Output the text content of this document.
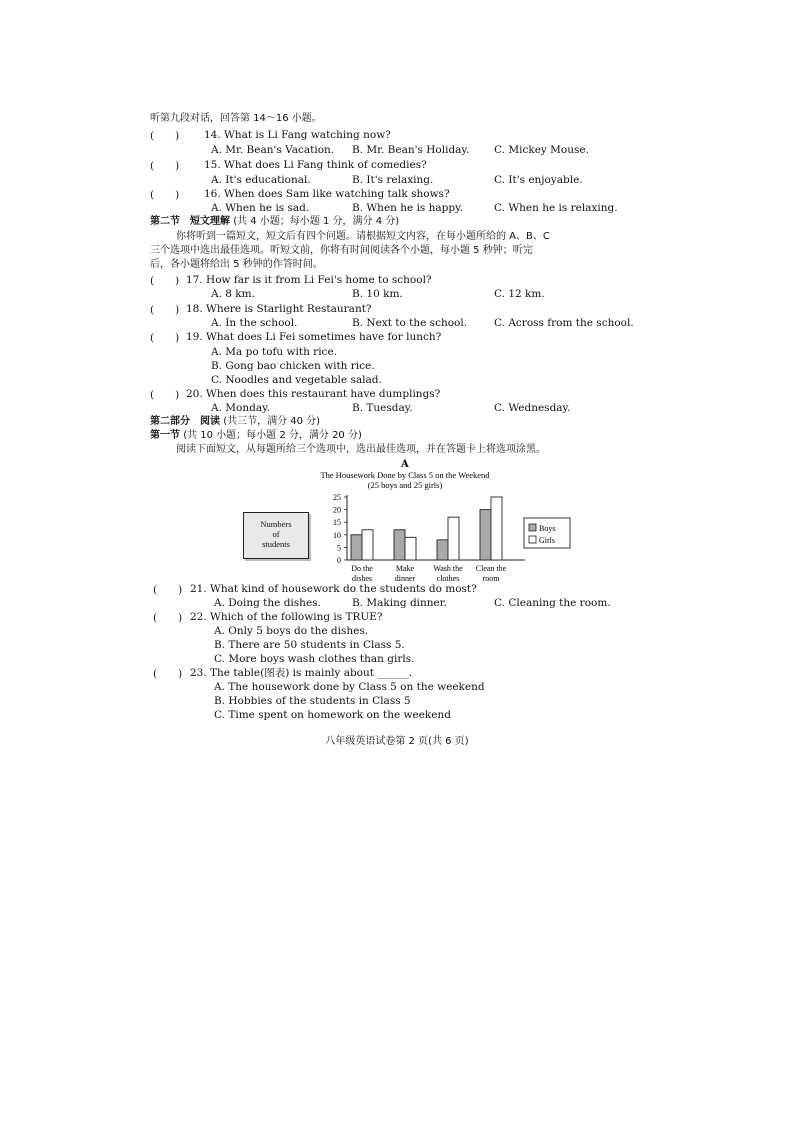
听第九段对话，回答第 14～16 小题。
(　　) 14. What is Li Fang watching now?
A. Mr. Bean's Vacation. B. Mr. Bean's Holiday. C. Mickey Mouse.
(　　) 15. What does Li Fang think of comedies?
A. It's educational.	B. It's relaxing.	C. It's enjoyable.
(　　) 16. When does Sam like watching talk shows?
A. When he is sad.	B. When he is happy.	C. When he is relaxing.
第二节　短文理解 (共 4 小题；每小题 1 分，满分 4 分)
你将听到一篇短文，短文后有四个问题。请根据短文内容，在每小题所给的 A、B、C
三个选项中选出最佳选项。听短文前，你将有时间阅读各个小题，每小题 5 秒钟；听完
后，各小题将给出 5 秒钟的作答时间。
(　　) 17. How far is it from Li Fei's home to school?
A. 8 km.	B. 10 km.	C. 12 km.
(　　) 18. Where is Starlight Restaurant?
A. In the school.	B. Next to the school.	C. Across from the school.
(　　) 19. What does Li Fei sometimes have for lunch?
A. Ma po tofu with rice.
B. Gong bao chicken with rice.
C. Noodles and vegetable salad.
(　　) 20. When does this restaurant have dumplings?
A. Monday.	B. Tuesday.	C. Wednesday.
第二部分　阅读 (共三节，满分 40 分)
第一节 (共 10 小题；每小题 2 分，满分 20 分)
阅读下面短文，从每题所给三个选项中，选出最佳选项，并在答题卡上将选项涂黑。
A
Numbers
of
students
The Housework Done by Class 5 on the Weekend
(25 boys and 25 girls)
0
5
10
15
20
25
Do the
dishes
Make
dinner
Wash the
clothes
Clean the
room
Boys
Girls
(　　) 21. What kind of housework do the students do most?
A. Doing the dishes.	B. Making dinner.	C. Cleaning the room.
(　　) 22. Which of the following is TRUE?
A. Only 5 boys do the dishes.
B. There are 50 students in Class 5.
C. More boys wash clothes than girls.
(　　) 23. The table(图表) is mainly about ______.
A. The housework done by Class 5 on the weekend
B. Hobbies of the students in Class 5
C. Time spent on homework on the weekend
八年级英语试卷第 2 页(共 6 页)
